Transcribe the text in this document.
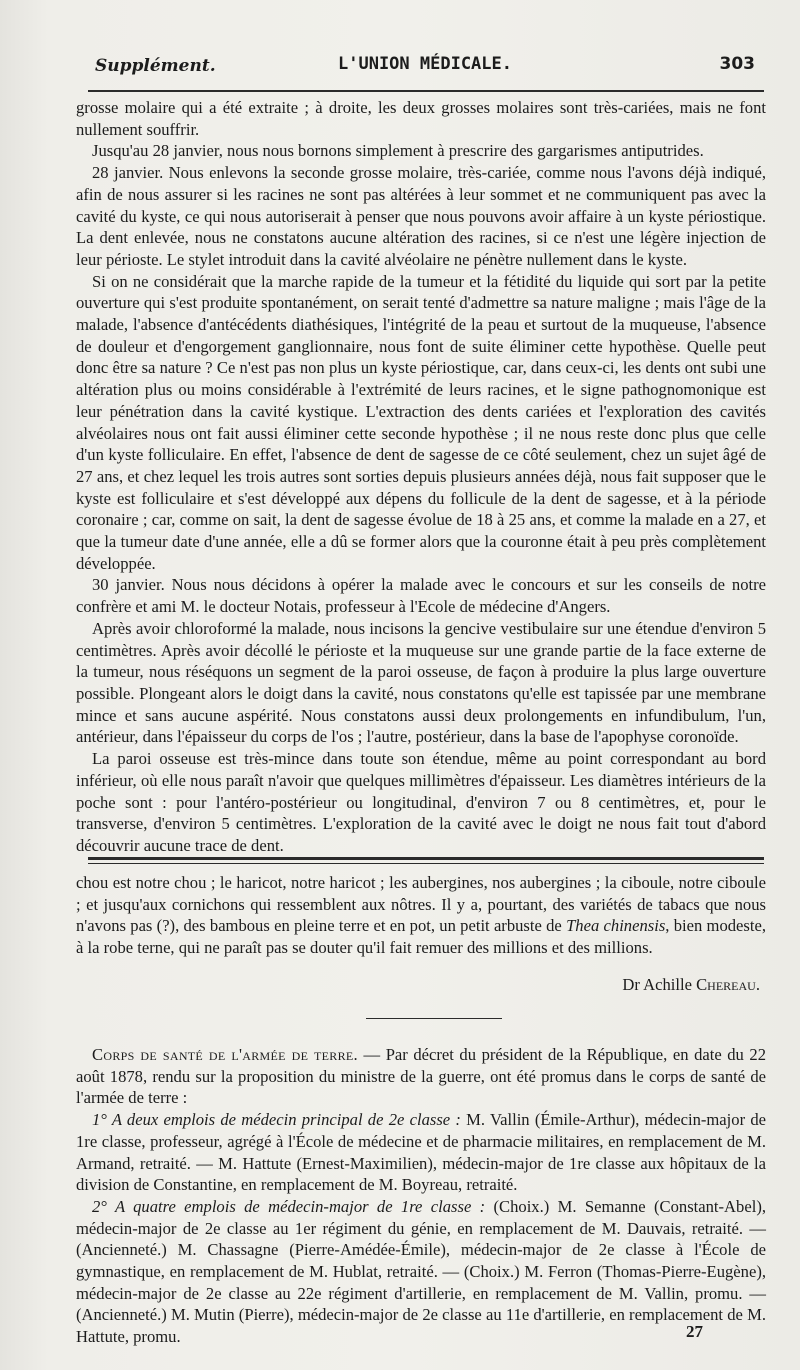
Supplément.	L'UNION MÉDICALE.	303

grosse molaire qui a été extraite ; à droite, les deux grosses molaires sont très-cariées, mais ne font nullement souffrir.

Jusqu'au 28 janvier, nous nous bornons simplement à prescrire des gargarismes antiputrides.

28 janvier. Nous enlevons la seconde grosse molaire, très-cariée, comme nous l'avons déjà indiqué, afin de nous assurer si les racines ne sont pas altérées à leur sommet et ne communiquent pas avec la cavité du kyste, ce qui nous autoriserait à penser que nous pouvons avoir affaire à un kyste périostique. La dent enlevée, nous ne constatons aucune altération des racines, si ce n'est une légère injection de leur périoste. Le stylet introduit dans la cavité alvéolaire ne pénètre nullement dans le kyste.

Si on ne considérait que la marche rapide de la tumeur et la fétidité du liquide qui sort par la petite ouverture qui s'est produite spontanément, on serait tenté d'admettre sa nature maligne ; mais l'âge de la malade, l'absence d'antécédents diathésiques, l'intégrité de la peau et surtout de la muqueuse, l'absence de douleur et d'engorgement ganglionnaire, nous font de suite éliminer cette hypothèse. Quelle peut donc être sa nature ? Ce n'est pas non plus un kyste périostique, car, dans ceux-ci, les dents ont subi une altération plus ou moins considérable à l'extrémité de leurs racines, et le signe pathognomonique est leur pénétration dans la cavité kystique. L'extraction des dents cariées et l'exploration des cavités alvéolaires nous ont fait aussi éliminer cette seconde hypothèse ; il ne nous reste donc plus que celle d'un kyste folliculaire. En effet, l'absence de dent de sagesse de ce côté seulement, chez un sujet âgé de 27 ans, et chez lequel les trois autres sont sorties depuis plusieurs années déjà, nous fait supposer que le kyste est folliculaire et s'est développé aux dépens du follicule de la dent de sagesse, et à la période coronaire ; car, comme on sait, la dent de sagesse évolue de 18 à 25 ans, et comme la malade en a 27, et que la tumeur date d'une année, elle a dû se former alors que la couronne était à peu près complètement développée.

30 janvier. Nous nous décidons à opérer la malade avec le concours et sur les conseils de notre confrère et ami M. le docteur Notais, professeur à l'Ecole de médecine d'Angers.

Après avoir chloroformé la malade, nous incisons la gencive vestibulaire sur une étendue d'environ 5 centimètres. Après avoir décollé le périoste et la muqueuse sur une grande partie de la face externe de la tumeur, nous réséquons un segment de la paroi osseuse, de façon à produire la plus large ouverture possible. Plongeant alors le doigt dans la cavité, nous constatons qu'elle est tapissée par une membrane mince et sans aucune aspérité. Nous constatons aussi deux prolongements en infundibulum, l'un, antérieur, dans l'épaisseur du corps de l'os ; l'autre, postérieur, dans la base de l'apophyse coronoïde.

La paroi osseuse est très-mince dans toute son étendue, même au point correspondant au bord inférieur, où elle nous paraît n'avoir que quelques millimètres d'épaisseur. Les diamètres intérieurs de la poche sont : pour l'antéro-postérieur ou longitudinal, d'environ 7 ou 8 centimètres, et, pour le transverse, d'environ 5 centimètres. L'exploration de la cavité avec le doigt ne nous fait tout d'abord découvrir aucune trace de dent.

chou est notre chou ; le haricot, notre haricot ; les aubergines, nos aubergines ; la ciboule, notre ciboule ; et jusqu'aux cornichons qui ressemblent aux nôtres. Il y a, pourtant, des variétés de tabacs que nous n'avons pas (?), des bambous en pleine terre et en pot, un petit arbuste de Thea chinensis, bien modeste, à la robe terne, qui ne paraît pas se douter qu'il fait remuer des millions et des millions.

Dr Achille Chereau.

Corps de santé de l'armée de terre. — Par décret du président de la République, en date du 22 août 1878, rendu sur la proposition du ministre de la guerre, ont été promus dans le corps de santé de l'armée de terre :

1° A deux emplois de médecin principal de 2e classe : M. Vallin (Émile-Arthur), médecin-major de 1re classe, professeur, agrégé à l'École de médecine et de pharmacie militaires, en remplacement de M. Armand, retraité. — M. Hattute (Ernest-Maximilien), médecin-major de 1re classe aux hôpitaux de la division de Constantine, en remplacement de M. Boyreau, retraité.

2° A quatre emplois de médecin-major de 1re classe : (Choix.) M. Semanne (Constant-Abel), médecin-major de 2e classe au 1er régiment du génie, en remplacement de M. Dauvais, retraité. — (Ancienneté.) M. Chassagne (Pierre-Amédée-Émile), médecin-major de 2e classe à l'École de gymnastique, en remplacement de M. Hublat, retraité. — (Choix.) M. Ferron (Thomas-Pierre-Eugène), médecin-major de 2e classe au 22e régiment d'artillerie, en remplacement de M. Vallin, promu. — (Ancienneté.) M. Mutin (Pierre), médecin-major de 2e classe au 11e d'artillerie, en remplacement de M. Hattute, promu.	27
